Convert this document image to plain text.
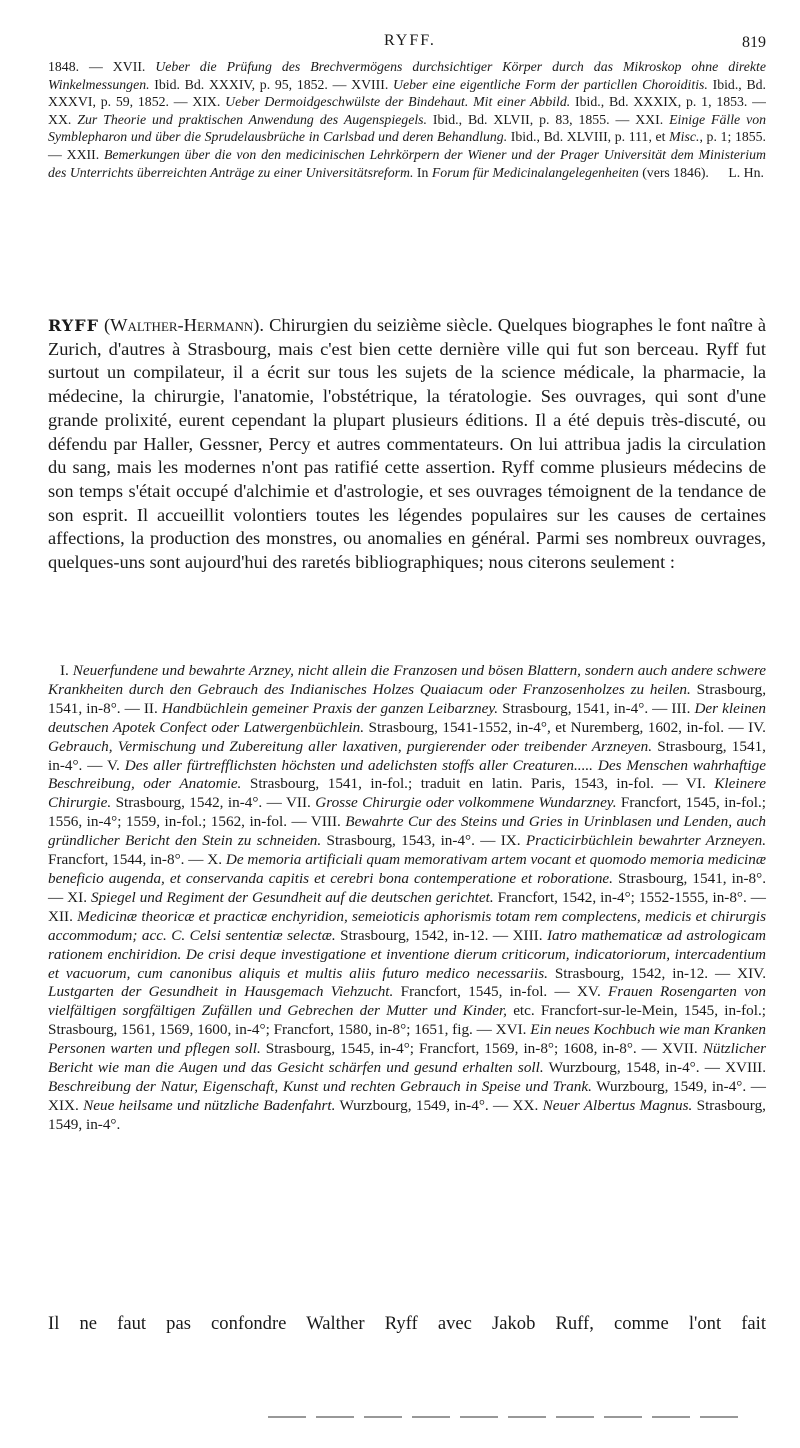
RYFF.	819
1848. — XVII. Ueber die Prüfung des Brechvermögens durchsichtiger Körper durch das Mikroskop ohne direkte Winkelmessungen. Ibid. Bd. XXXIV, p. 95, 1852. — XVIII. Ueber eine eigentliche Form der particllen Choroiditis. Ibid., Bd. XXXVI, p. 59, 1852. — XIX. Ueber Dermoidgeschwülste der Bindehaut. Mit einer Abbild. Ibid., Bd. XXXIX, p. 1, 1853. — XX. Zur Theorie und praktischen Anwendung des Augenspiegels. Ibid., Bd. XLVII, p. 83, 1855. — XXI. Einige Fälle von Symblepharon und über die Sprudelausbrüche in Carlsbad und deren Behandlung. Ibid., Bd. XLVIII, p. 111, et Misc., p. 1; 1855. — XXII. Bemerkungen über die von den medicinischen Lehrkörpern der Wiener und der Prager Universität dem Ministerium des Unterrichts überreichten Anträge zu einer Universitätsreform. In Forum für Medicinalangelegenheiten (vers 1846).	L. Hn.
RYFF (Walther-Hermann). Chirurgien du seizième siècle. Quelques biographes le font naître à Zurich, d'autres à Strasbourg, mais c'est bien cette dernière ville qui fut son berceau. Ryff fut surtout un compilateur, il a écrit sur tous les sujets de la science médicale, la pharmacie, la médecine, la chirurgie, l'anatomie, l'obstétrique, la tératologie. Ses ouvrages, qui sont d'une grande prolixité, eurent cependant la plupart plusieurs éditions. Il a été depuis très-discuté, ou défendu par Haller, Gessner, Percy et autres commentateurs. On lui attribua jadis la circulation du sang, mais les modernes n'ont pas ratifié cette assertion. Ryff comme plusieurs médecins de son temps s'était occupé d'alchimie et d'astrologie, et ses ouvrages témoignent de la tendance de son esprit. Il accueillit volontiers toutes les légendes populaires sur les causes de certaines affections, la production des monstres, ou anomalies en général. Parmi ses nombreux ouvrages, quelques-uns sont aujourd'hui des raretés bibliographiques; nous citerons seulement :
I. Neuerfundene und bewahrte Arzney, nicht allein die Franzosen und bösen Blattern, sondern auch andere schwere Krankheiten durch den Gebrauch des Indianisches Holzes Quaiacum oder Franzosenholzes zu heilen. Strasbourg, 1541, in-8°. — II. Handbüchlein gemeiner Praxis der ganzen Leibarzney. Strasbourg, 1541, in-4°. — III. Der kleinen deutschen Apotek Confect oder Latwergenbüchlein. Strasbourg, 1541-1552, in-4°, et Nuremberg, 1602, in-fol. — IV. Gebrauch, Vermischung und Zubereitung aller laxativen, purgierender oder treibender Arzneyen. Strasbourg, 1541, in-4°. — V. Des aller fürtrefflichsten höchsten und adelichsten stoffs aller Creaturen..... Des Menschen wahrhaftige Beschreibung, oder Anatomie. Strasbourg, 1541, in-fol.; traduit en latin. Paris, 1543, in-fol. — VI. Kleinere Chirurgie. Strasbourg, 1542, in-4°. — VII. Grosse Chirurgie oder volkommene Wundarzney. Francfort, 1545, in-fol.; 1556, in-4°; 1559, in-fol.; 1562, in-fol. — VIII. Bewahrte Cur des Steins und Gries in Urinblasen und Lenden, auch gründlicher Bericht den Stein zu schneiden. Strasbourg, 1543, in-4°. — IX. Practicirbüchlein bewahrter Arzneyen. Francfort, 1544, in-8°. — X. De memoria artificiali quam memorativam artem vocant et quomodo memoria medicinæ beneficio augenda, et conservanda capitis et cerebri bona contemperatione et roboratione. Strasbourg, 1541, in-8°. — XI. Spiegel und Regiment der Gesundheit auf die deutschen gerichtet. Francfort, 1542, in-4°; 1552-1555, in-8°. — XII. Medicinæ theoricæ et practicæ enchyridion, semeioticis aphorismis totam rem complectens, medicis et chirurgis accommodum; acc. C. Celsi sententiæ selectæ. Strasbourg, 1542, in-12. — XIII. Iatro mathematicæ ad astrologicam rationem enchiridion. De crisi deque investigatione et inventione dierum criticorum, indicatoriorum, intercadentium et vacuorum, cum canonibus aliquis et multis aliis futuro medico necessariis. Strasbourg, 1542, in-12. — XIV. Lustgarten der Gesundheit in Hausgemach Viehzucht. Francfort, 1545, in-fol. — XV. Frauen Rosengarten von vielfältigen sorgfältigen Zufällen und Gebrechen der Mutter und Kinder, etc. Francfort-sur-le-Mein, 1545, in-fol.; Strasbourg, 1561, 1569, 1600, in-4°; Francfort, 1580, in-8°; 1651, fig. — XVI. Ein neues Kochbuch wie man Kranken Personen warten und pflegen soll. Strasbourg, 1545, in-4°; Francfort, 1569, in-8°; 1608, in-8°. — XVII. Nützlicher Bericht wie man die Augen und das Gesicht schärfen und gesund erhalten soll. Wurzbourg, 1548, in-4°. — XVIII. Beschreibung der Natur, Eigenschaft, Kunst und rechten Gebrauch in Speise und Trank. Wurzbourg, 1549, in-4°. — XIX. Neue heilsame und nützliche Badenfahrt. Wurzbourg, 1549, in-4°. — XX. Neuer Albertus Magnus. Strasbourg, 1549, in-4°.
Il ne faut pas confondre Walther Ryff avec Jakob Ruff, comme l'ont fait
